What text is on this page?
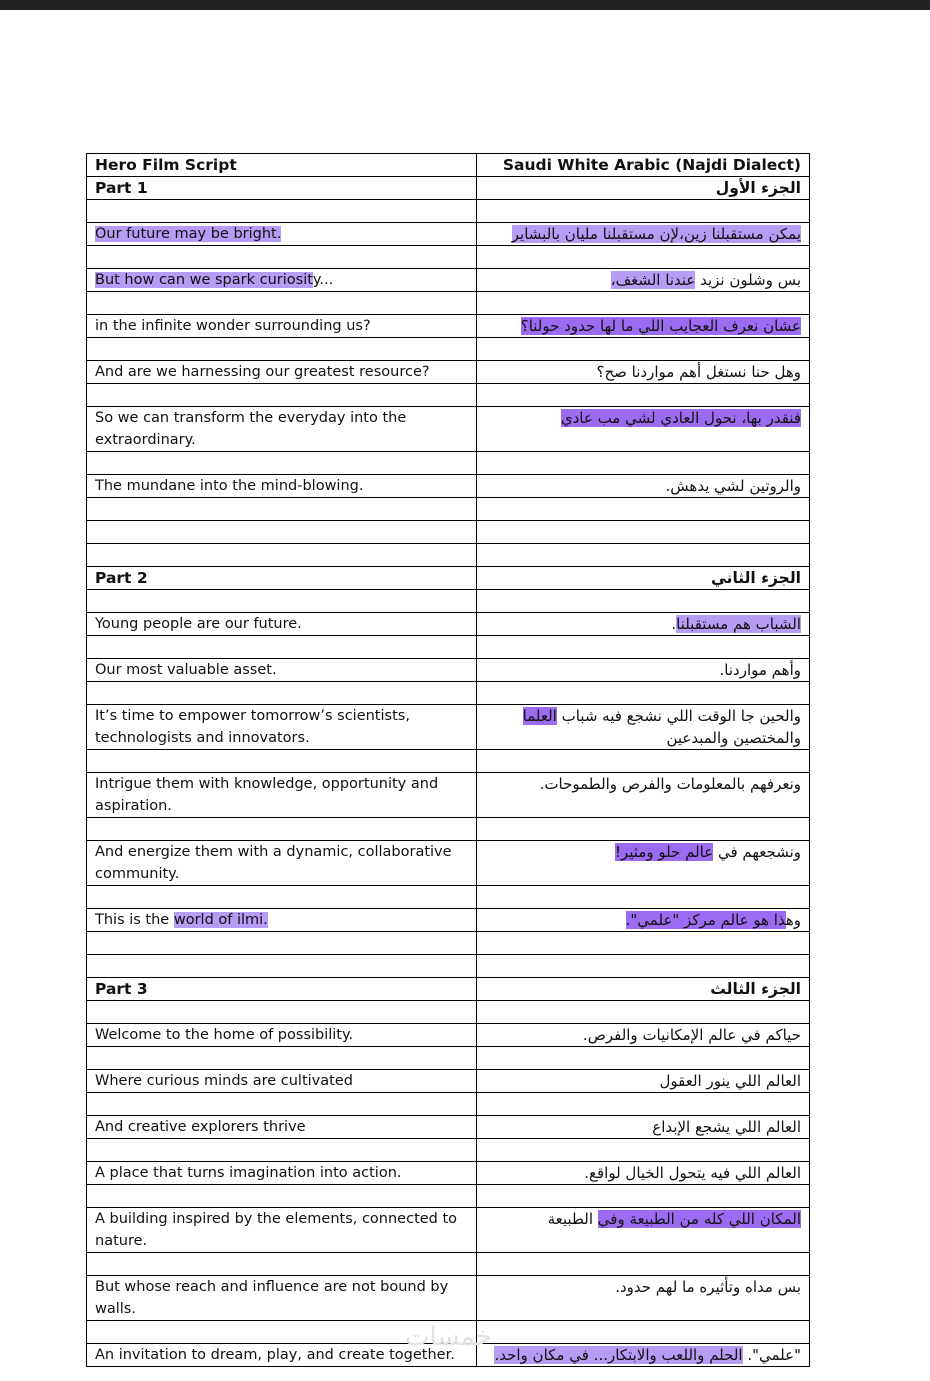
Hero Film Script	Saudi White Arabic (Najdi Dialect)
Part 1	الجزء الأول

Our future may be bright.	يمكن مستقبلنا زين،لإن مستقبلنا مليان بالبشاير

But how can we spark curiosity...	بس وشلون نزيد عندنا الشغف،

in the infinite wonder surrounding us?	عشان نعرف العجايب اللي ما لها حدود حولنا؟

And are we harnessing our greatest resource?	وهل حنا نستغل أهم مواردنا صح؟

So we can transform the everyday into the extraordinary.	فنقدر بها، نحول العادي لشي مب عادي

The mundane into the mind-blowing.	والروتين لشي يدهش.

Part 2	الجزء الثاني

Young people are our future.	الشباب هم مستقبلنا.

Our most valuable asset.	وأهم مواردنا.

It’s time to empower tomorrow’s scientists, technologists and innovators.	والحين جا الوقت اللي نشجع فيه شباب العلما والمختصين والمبدعين

Intrigue them with knowledge, opportunity and aspiration.	ونعرفهم بالمعلومات والفرص والطموحات.

And energize them with a dynamic, collaborative community.	ونشجعهم في عالم حلو ومثير!

This is the world of ilmi.	وهذا هو عالم مركز "علمي".

Part 3	الجزء الثالث

Welcome to the home of possibility.	حياكم في عالم الإمكانيات والفرص.

Where curious minds are cultivated	العالم اللي ينور العقول

And creative explorers thrive	العالم اللي يشجع الإبداع

A place that turns imagination into action.	العالم اللي فيه يتحول الخيال لواقع.

A building inspired by the elements, connected to nature.	المكان اللي كله من الطبيعة وفي الطبيعة

But whose reach and influence are not bound by walls.	بس مداه وتأثيره ما لهم حدود.

An invitation to dream, play, and create together.	"علمي". الحلم واللعب والابتكار... في مكان واحد.
خمسات
